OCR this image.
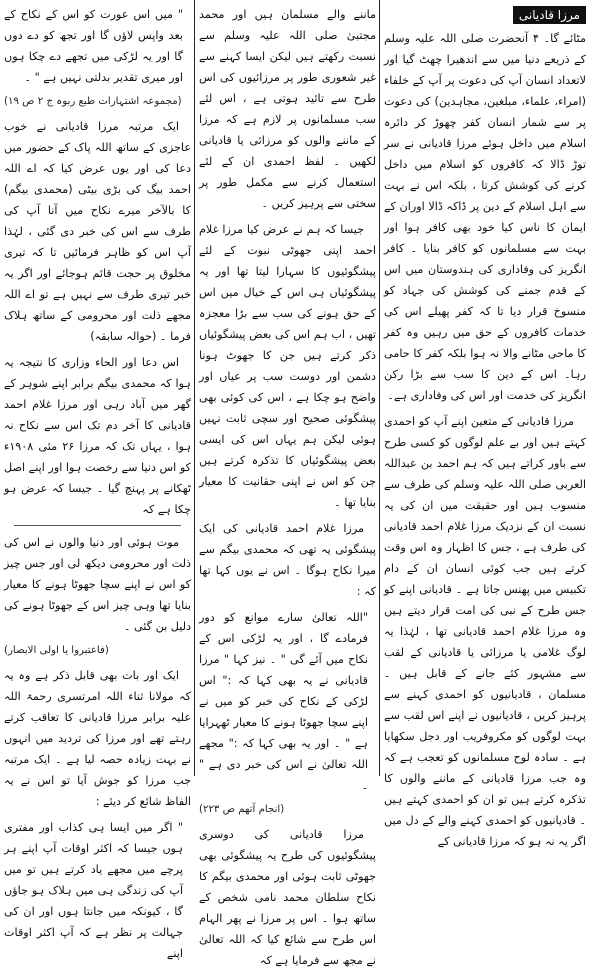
مرزا قادیانی

مٹائے گا۔ ۴ آنحضرت صلی اللہ علیہ وسلم کے ذریعے دنیا میں سے اندھیرا چھٹ گیا اور لاتعداد انسان آپ کی دعوت پر آپ کے خلفاء (امراء، علماء، مبلغین، مجاہدین) کی دعوت پر سے شمار انسان کفر چھوڑ کر دائرہ اسلام میں داخل ہوئے مرزا قادیانی نے سر توڑ ڈالا کہ کافروں کو اسلام میں داخل کرنے کی کوشش کرتا ، بلکہ اس نے بہت سے اہل اسلام کے دین پر ڈاکہ ڈالا اوران کے ایمان کا ناس کیا خود بھی کافر ہوا اور بہت سے مسلمانوں کو کافر بنایا ۔ کافر انگریز کی وفاداری کی ہندوستان میں اس کے قدم جمنے کی کوشش کی جہاد کو منسوخ قرار دیا تا کہ کفر پھیلے اس کی خدمات کافروں کے حق میں رہیں وہ کفر کا ماحی مٹانے والا نہ ہوا بلکہ کفر کا حامی رہا۔ اس کے دین کا سب سے بڑا رکن انگریز کی خدمت اور اس کی وفاداری ہے۔

مرزا قادیانی کے متعین اپنے آپ کو احمدی کہتے ہیں اور بے علم لوگوں کو کسی طرح سے باور کراتے ہیں کہ ہم احمد بن عبداللہ العربی صلی اللہ علیہ وسلم کی طرف سے منسوب ہیں اور حقیقت میں ان کی یہ نسبت ان کے نزدیک مرزا غلام احمد قادیانی کی طرف ہے ، جس کا اظہار وہ اس وقت کرتے ہیں جب کوئی انسان ان کے دام تکبیس میں پھنس جاتا ہے ۔ قادیانی اپنے کو جس طرح کے نبی کی امت قرار دیتے ہیں وہ مرزا غلام احمد قادیانی تھا ، لہٰذا یہ لوگ غلامی یا مرزائی یا قادیانی کے لقب سے مشہور کئے جانے کے قابل ہیں ۔ مسلمان ، قادیانیوں کو احمدی کہنے سے پرہیز کریں ، قادیانیوں نے اپنے اس لقب سے بہت لوگوں کو مکروفریب اور دجل سکھایا ہے ۔ سادہ لوح مسلمانوں کو تعجب ہے کہ وہ جب مرزا قادیانی کے ماننے والوں کا تذکرہ کرتے ہیں تو ان کو احمدی کہتے ہیں ۔ قادیانیوں کو احمدی کہنے والے کے دل میں اگر یہ نہ ہو کہ مرزا قادیانی کے

ماننے والے مسلمان ہیں اور محمد مجتبیٰ صلی اللہ علیہ وسلم سے نسبت رکھتے ہیں لیکن ایسا کہنے سے غیر شعوری طور پر مرزائیوں کی اس طرح سے تائید ہوتی ہے ، اس لئے سب مسلمانوں پر لازم ہے کہ مرزا کے ماننے والوں کو مرزائی یا قادیانی لکھیں ۔ لفظ احمدی ان کے لئے استعمال کرنے سے مکمل طور پر سختی سے پرہیز کریں ۔

جیسا کہ ہم نے عرض کیا مرزا غلام احمد اپنی جھوٹی نبوت کے لئے پیشگوئیوں کا سہارا لیتا تھا اور یہ پیشگوئیاں ہی اس کے خیال میں اس کے حق ہونے کی سب سے بڑا معجزہ تھیں ، اب ہم اس کی بعض پیشگوئیاں ذکر کرتے ہیں جن کا جھوٹ ہونا دشمن اور دوست سب پر عیاں اور واضح ہو چکا ہے ، اس کی کوئی بھی پیشگوئی صحیح اور سچی ثابت نہیں ہوئی لیکن ہم یہاں اس کی ایسی بعض پیشگوئیاں کا تذکرہ کرتے ہیں جن کو اس نے اپنی حقانیت کا معیار بنایا تھا ۔

مرزا غلام احمد قادیانی کی ایک پیشگوئی یہ تھی کہ محمدی بیگم سے میرا نکاح ہوگا ۔ اس نے یوں کہا تھا کہ :

"اللہ تعالیٰ سارے موانع کو دور فرمادے گا ، اور یہ لڑکی اس کے نکاح میں آئے گی " ۔ نیز کہا " مرزا قادیانی نے یہ بھی کہا کہ :" اس لڑکی کے نکاح کی خبر کو میں نے اپنے سچا جھوٹا ہونے کا معیار ٹھہرایا ہے " ۔ اور یہ بھی کہا کہ :" مجھے اللہ تعالیٰ نے اس کی خبر دی ہے " ۔

(انجام آتھم ص ۲۲۳)

مرزا قادیانی کی دوسری پیشگوئیوں کی طرح یہ پیشگوئی بھی جھوٹی ثابت ہوئی اور محمدی بیگم کا نکاح سلطان محمد نامی شخص کے ساتھ ہوا ۔ اس پر مرزا نے پھر الہام اس طرح سے شائع کیا کہ اللہ تعالیٰ نے مجھ سے فرمایا ہے کہ

" میں اس عورت کو اس کے نکاح کے بعد واپس لاؤں گا اور تجھ کو دے دوں گا اور یہ لڑکی میں تجھے دے چکا ہوں اور میری تقدیر بدلتی نہیں ہے " ۔

(مجموعہ اشتہارات طبع ربوہ ج ۲ ص ۱۹)

ایک مرتبہ مرزا قادیانی نے خوب عاجزی کے ساتھ اللہ پاک کے حضور میں دعا کی اور یوں عرض کیا کہ اے اللہ احمد بیگ کی بڑی بیٹی (محمدی بیگم) کا بالآخر میرے نکاح میں آنا آپ کی طرف سے اس کی خبر دی گئی ، لہٰذا آپ اس کو ظاہر فرمائیں تا کہ تیری مخلوق پر حجت قائم ہوجائے اور اگر یہ خبر تیری طرف سے نہیں ہے تو اے اللہ مجھے ذلت اور محرومی کے ساتھ ہلاک فرما ۔ (حوالہ سابقہ)

اس دعا اور الحاء وزاری کا نتیجہ یہ ہوا کہ محمدی بیگم برابر اپنے شوہر کے گھر میں آباد رہی اور مرزا غلام احمد قادیانی کا آخر دم تک اس سے نکاح نہ ہوا ، یہاں تک کہ مرزا ۲۶ مئی ۱۹۰۸ء کو اس دنیا سے رخصت ہوا اور اپنے اصل ٹھکانے پر پہنچ گیا ۔ جیسا کہ عرض ہو چکا ہے کہ

موت ہوئی اور دنیا والوں نے اس کی ذلت اور محرومی دیکھ لی اور جس چیز کو اس نے اپنے سچا جھوٹا ہونے کا معیار بنایا تھا وہی چیز اس کے جھوٹا ہونے کی دلیل بن گئی ۔

(فاعتبروا یا اولی الابصار)

ایک اور بات بھی قابل ذکر ہے وہ یہ کہ مولانا ثناء اللہ امرتسری رحمۃ اللہ علیہ برابر مرزا قادیانی کا تعاقب کرتے رہتے تھے اور مرزا کی تردید میں انہوں نے بہت زیادہ حصہ لیا ہے ۔ ایک مرتبہ جب مرزا کو جوش آیا تو اس نے یہ الفاظ شائع کر دیئے :

" اگر میں ایسا ہی کذاب اور مفتری ہوں جیسا کہ اکثر اوقات آپ اپنے ہر پرچے میں مجھے یاد کرتے ہیں تو میں آپ کی زندگی ہی میں ہلاک ہو جاؤں گا ، کیونکہ میں جانتا ہوں اور ان کی جہالت پر نظر ہے کہ آپ اکثر اوقات اپنے
